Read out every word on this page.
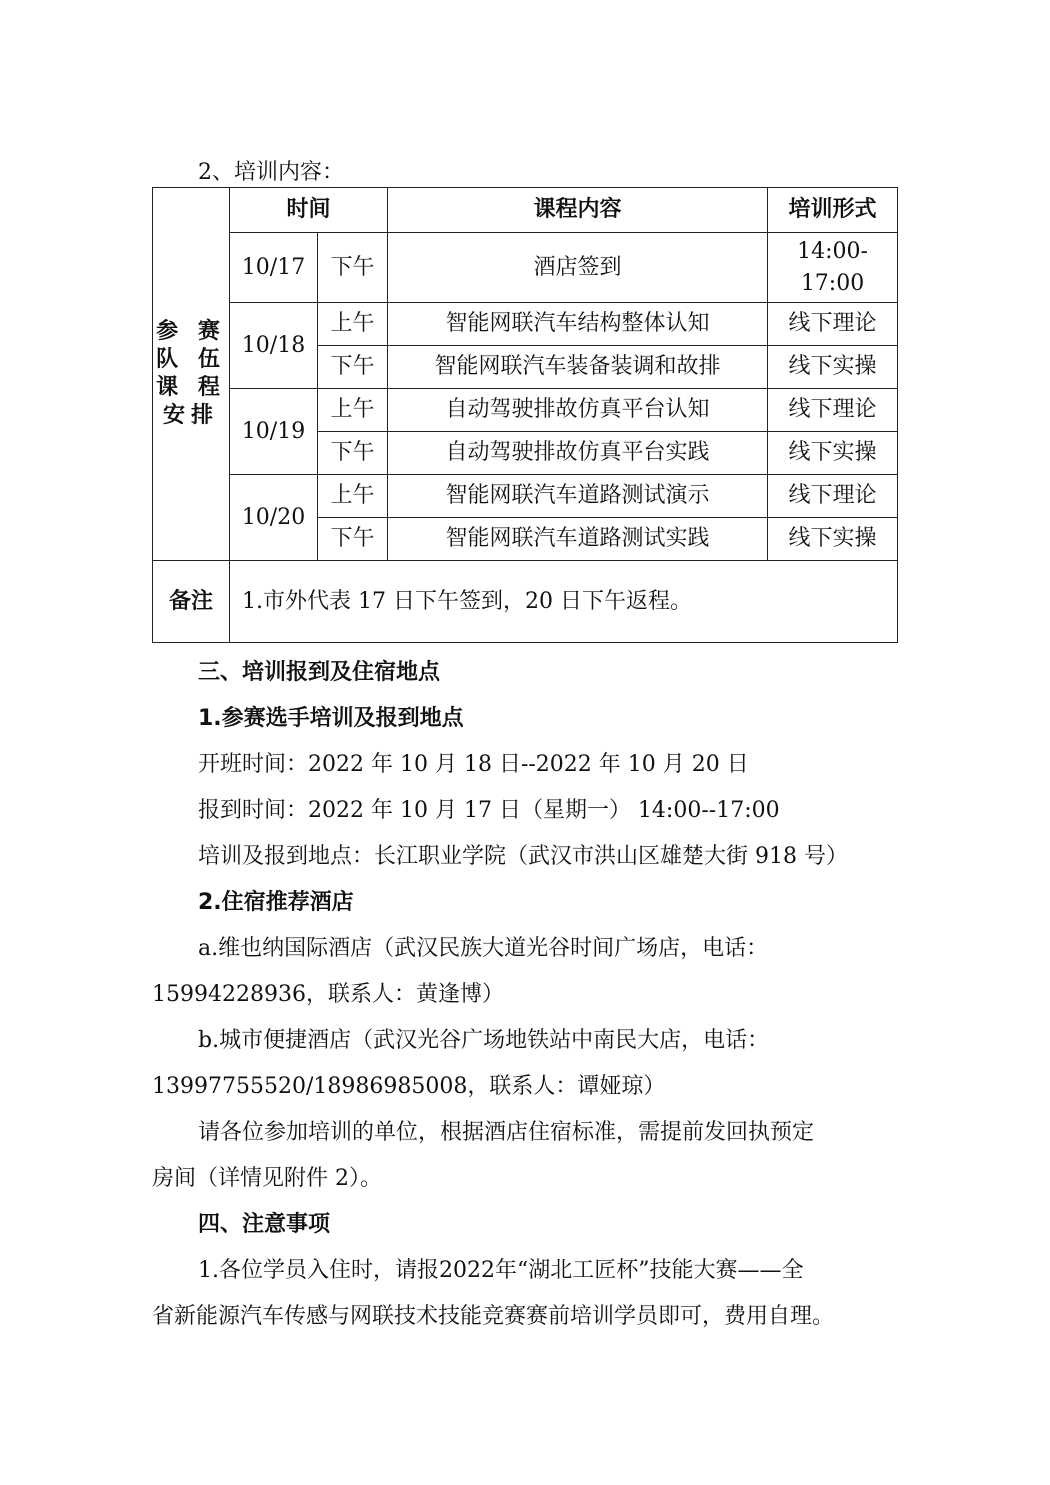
2、培训内容：
参 赛
队 伍
课 程
安排	时间		课程内容	培训形式
	10/17	下午	酒店签到	14:00-
17:00

	10/18	上午	智能网联汽车结构整体认知	线下理论
		下午	智能网联汽车装备装调和故排	线下实操
	10/19	上午	自动驾驶排故仿真平台认知	线下理论
		下午	自动驾驶排故仿真平台实践	线下实操
	10/20	上午	智能网联汽车道路测试演示	线下理论
		下午	智能网联汽车道路测试实践	线下实操
备注	1.市外代表 17 日下午签到，20 日下午返程。			
三、培训报到及住宿地点
1.参赛选手培训及报到地点
开班时间：2022 年 10 月 18 日--2022 年 10 月 20 日
报到时间：2022 年 10 月 17 日（星期一） 14:00--17:00
培训及报到地点：长江职业学院（武汉市洪山区雄楚大街 918 号）
2.住宿推荐酒店
a.维也纳国际酒店（武汉民族大道光谷时间广场店，电话：
15994228936，联系人：黄逢博）
b.城市便捷酒店（武汉光谷广场地铁站中南民大店，电话：
13997755520/18986985008，联系人：谭娅琼）
请各位参加培训的单位，根据酒店住宿标准，需提前发回执预定
房间（详情见附件 2）。
四、注意事项
1.各位学员入住时，请报2022年“湖北工匠杯”技能大赛——全
省新能源汽车传感与网联技术技能竞赛赛前培训学员即可，费用自理。
